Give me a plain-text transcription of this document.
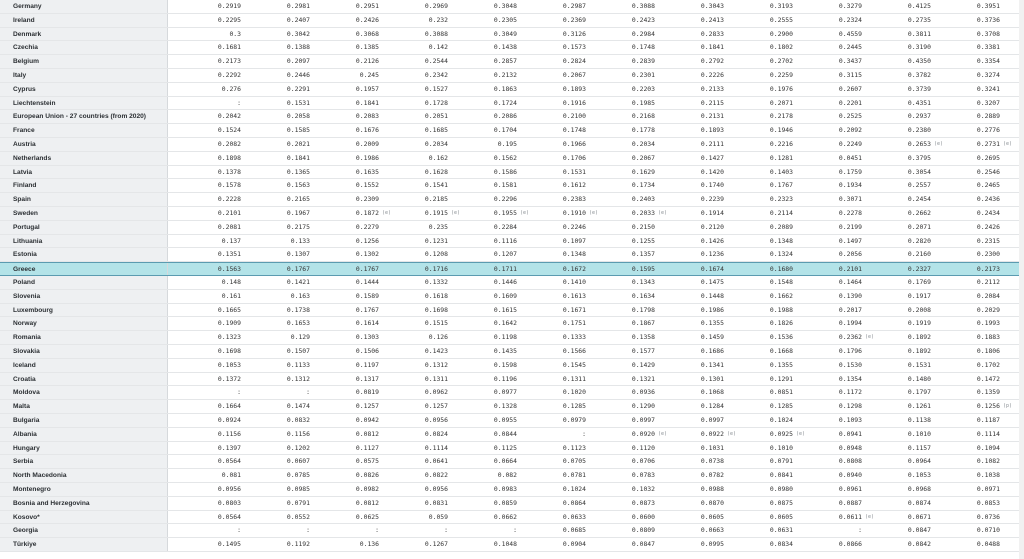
Germany	0.2919	0.2981	0.2951	0.2969	0.3048	0.2987	0.3088	0.3043	0.3193	0.3279	0.4125	0.3951
Ireland	0.2295	0.2407	0.2426	0.232	0.2305	0.2369	0.2423	0.2413	0.2555	0.2324	0.2735	0.3736
Denmark	0.3	0.3042	0.3068	0.3088	0.3049	0.3126	0.2984	0.2833	0.2900	0.4559	0.3811	0.3708
Czechia	0.1681	0.1388	0.1385	0.142	0.1438	0.1573	0.1748	0.1841	0.1802	0.2445	0.3190	0.3381
Belgium	0.2173	0.2097	0.2126	0.2544	0.2857	0.2824	0.2839	0.2792	0.2702	0.3437	0.4350	0.3354
Italy	0.2292	0.2446	0.245	0.2342	0.2132	0.2067	0.2301	0.2226	0.2259	0.3115	0.3782	0.3274
Cyprus	0.276	0.2291	0.1957	0.1527	0.1863	0.1893	0.2203	0.2133	0.1976	0.2607	0.3739	0.3241
Liechtenstein	:	0.1531	0.1841	0.1728	0.1724	0.1916	0.1985	0.2115	0.2071	0.2201	0.4351	0.3207
European Union - 27 countries (from 2020)	0.2042	0.2058	0.2083	0.2051	0.2086	0.2100	0.2168	0.2131	0.2178	0.2525	0.2937	0.2889
France	0.1524	0.1585	0.1676	0.1685	0.1704	0.1748	0.1778	0.1893	0.1946	0.2092	0.2380	0.2776
Austria	0.2082	0.2021	0.2009	0.2034	0.195	0.1966	0.2034	0.2111	0.2216	0.2249	0.2653 (e)	0.2731 (e)
Netherlands	0.1898	0.1841	0.1986	0.162	0.1562	0.1706	0.2067	0.1427	0.1281	0.0451	0.3795	0.2695
Latvia	0.1378	0.1365	0.1635	0.1628	0.1586	0.1531	0.1629	0.1420	0.1403	0.1759	0.3054	0.2546
Finland	0.1578	0.1563	0.1552	0.1541	0.1581	0.1612	0.1734	0.1740	0.1767	0.1934	0.2557	0.2465
Spain	0.2228	0.2165	0.2309	0.2185	0.2296	0.2383	0.2403	0.2239	0.2323	0.3071	0.2454	0.2436
Sweden	0.2101	0.1967	0.1872 (e)	0.1915 (e)	0.1955 (e)	0.1910 (e)	0.2033 (e)	0.1914	0.2114	0.2278	0.2662	0.2434
Portugal	0.2081	0.2175	0.2279	0.235	0.2284	0.2246	0.2150	0.2120	0.2089	0.2199	0.2071	0.2426
Lithuania	0.137	0.133	0.1256	0.1231	0.1116	0.1097	0.1255	0.1426	0.1348	0.1497	0.2820	0.2315
Estonia	0.1351	0.1307	0.1302	0.1208	0.1207	0.1348	0.1357	0.1236	0.1324	0.2056	0.2160	0.2300
Greece	0.1563	0.1767	0.1767	0.1716	0.1711	0.1672	0.1595	0.1674	0.1680	0.2101	0.2327	0.2173
Poland	0.148	0.1421	0.1444	0.1332	0.1446	0.1410	0.1343	0.1475	0.1548	0.1464	0.1769	0.2112
Slovenia	0.161	0.163	0.1589	0.1618	0.1609	0.1613	0.1634	0.1448	0.1662	0.1390	0.1917	0.2084
Luxembourg	0.1665	0.1738	0.1767	0.1698	0.1615	0.1671	0.1798	0.1986	0.1988	0.2017	0.2008	0.2029
Norway	0.1909	0.1653	0.1614	0.1515	0.1642	0.1751	0.1867	0.1355	0.1826	0.1994	0.1919	0.1993
Romania	0.1323	0.129	0.1303	0.126	0.1198	0.1333	0.1358	0.1459	0.1536	0.2362 (e)	0.1892	0.1883
Slovakia	0.1698	0.1507	0.1506	0.1423	0.1435	0.1566	0.1577	0.1686	0.1668	0.1796	0.1892	0.1806
Iceland	0.1053	0.1133	0.1197	0.1312	0.1598	0.1545	0.1429	0.1341	0.1355	0.1530	0.1531	0.1702
Croatia	0.1372	0.1312	0.1317	0.1311	0.1196	0.1311	0.1321	0.1301	0.1291	0.1354	0.1480	0.1472
Moldova	:	:	0.0819	0.0962	0.0977	0.1020	0.0936	0.1068	0.0851	0.1172	0.1797	0.1359
Malta	0.1664	0.1474	0.1257	0.1257	0.1328	0.1285	0.1290	0.1284	0.1285	0.1298	0.1261	0.1256 (p)
Bulgaria	0.0924	0.0832	0.0942	0.0956	0.0955	0.0979	0.0997	0.0997	0.1024	0.1093	0.1138	0.1187
Albania	0.1156	0.1156	0.0812	0.0824	0.0844	:	0.0920 (e)	0.0922 (e)	0.0925 (e)	0.0941	0.1010	0.1114
Hungary	0.1397	0.1202	0.1127	0.1114	0.1125	0.1123	0.1120	0.1031	0.1010	0.0948	0.1157	0.1094
Serbia	0.0564	0.0607	0.0575	0.0641	0.0664	0.0705	0.0706	0.0738	0.0791	0.0808	0.0964	0.1082
North Macedonia	0.081	0.0785	0.0826	0.0822	0.082	0.0781	0.0783	0.0782	0.0841	0.0940	0.1053	0.1038
Montenegro	0.0956	0.0985	0.0982	0.0956	0.0983	0.1024	0.1032	0.0988	0.0980	0.0961	0.0968	0.0971
Bosnia and Herzegovina	0.0803	0.0791	0.0812	0.0831	0.0859	0.0864	0.0873	0.0870	0.0875	0.0887	0.0874	0.0853
Kosovo*	0.0564	0.0552	0.0625	0.059	0.0662	0.0633	0.0600	0.0605	0.0605	0.0611 (e)	0.0671	0.0736
Georgia	:	:	:	:	:	0.0685	0.0809	0.0663	0.0631	:	0.0847	0.0710
Türkiye	0.1495	0.1192	0.136	0.1267	0.1048	0.0904	0.0847	0.0995	0.0834	0.0866	0.0842	0.0488
